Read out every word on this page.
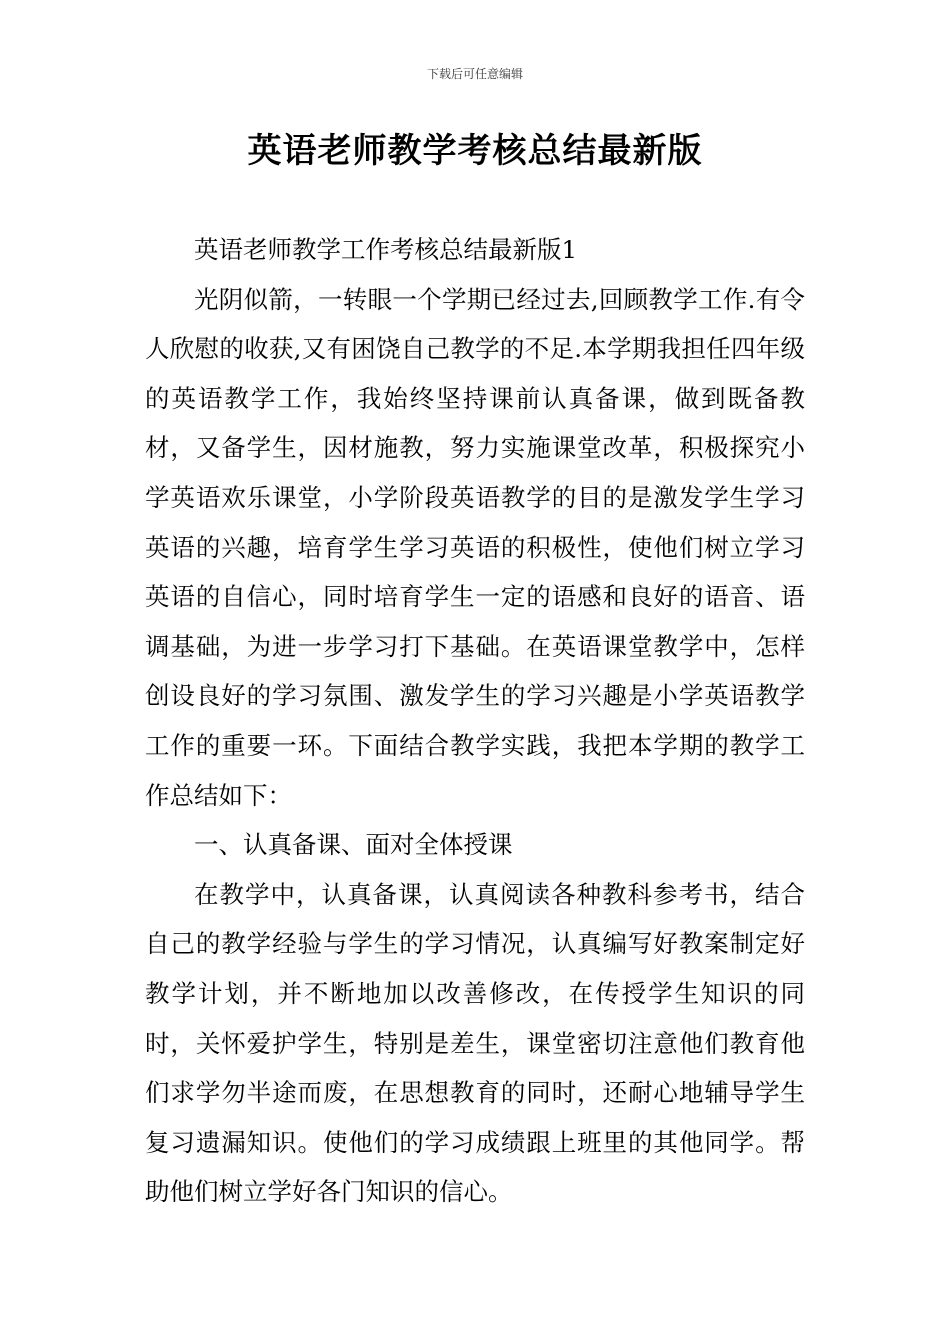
下载后可任意编辑
英语老师教学考核总结最新版

英语老师教学工作考核总结最新版1

光阴似箭，一转眼一个学期已经过去,回顾教学工作.有令人欣慰的收获,又有困饶自己教学的不足.本学期我担任四年级的英语教学工作，我始终坚持课前认真备课，做到既备教材，又备学生，因材施教，努力实施课堂改革，积极探究小学英语欢乐课堂，小学阶段英语教学的目的是激发学生学习英语的兴趣，培育学生学习英语的积极性，使他们树立学习英语的自信心，同时培育学生一定的语感和良好的语音、语调基础，为进一步学习打下基础。在英语课堂教学中，怎样创设良好的学习氛围、激发学生的学习兴趣是小学英语教学工作的重要一环。下面结合教学实践，我把本学期的教学工作总结如下：

一、认真备课、面对全体授课

在教学中，认真备课，认真阅读各种教科参考书，结合自己的教学经验与学生的学习情况，认真编写好教案制定好教学计划，并不断地加以改善修改，在传授学生知识的同时，关怀爱护学生，特别是差生，课堂密切注意他们教育他们求学勿半途而废，在思想教育的同时，还耐心地辅导学生复习遗漏知识。使他们的学习成绩跟上班里的其他同学。帮助他们树立学好各门知识的信心。
